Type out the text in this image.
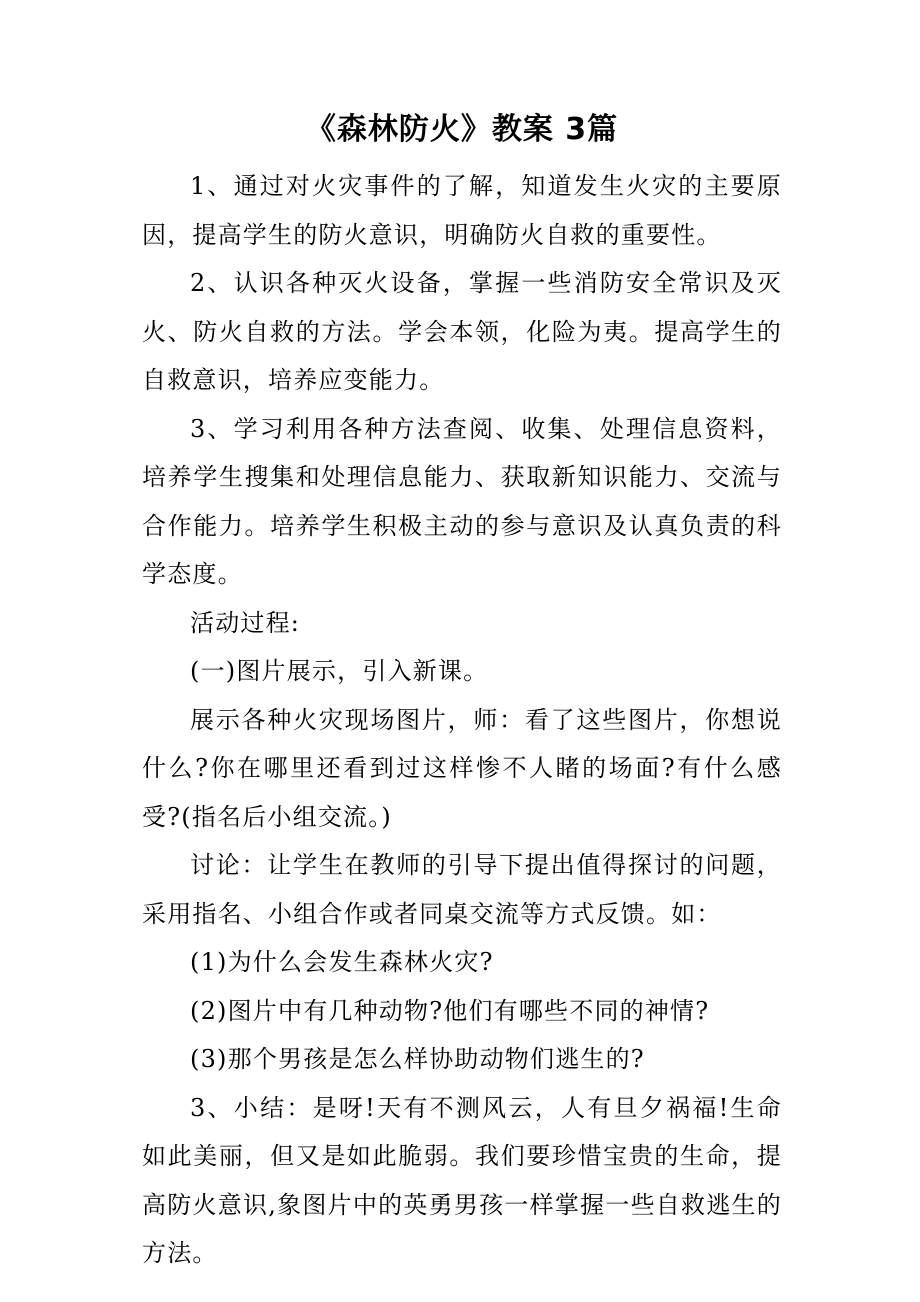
《森林防火》教案 3篇

1、通过对火灾事件的了解，知道发生火灾的主要原因，提高学生的防火意识，明确防火自救的重要性。

2、认识各种灭火设备，掌握一些消防安全常识及灭火、防火自救的方法。学会本领，化险为夷。提高学生的自救意识，培养应变能力。

3、学习利用各种方法查阅、收集、处理信息资料，培养学生搜集和处理信息能力、获取新知识能力、交流与合作能力。培养学生积极主动的参与意识及认真负责的科学态度。

活动过程:

(一)图片展示，引入新课。

展示各种火灾现场图片，师：看了这些图片，你想说什么?你在哪里还看到过这样惨不人睹的场面?有什么感受?(指名后小组交流。)

讨论：让学生在教师的引导下提出值得探讨的问题，采用指名、小组合作或者同桌交流等方式反馈。如：

(1)为什么会发生森林火灾?

(2)图片中有几种动物?他们有哪些不同的神情?

(3)那个男孩是怎么样协助动物们逃生的?

3、小结：是呀!天有不测风云，人有旦夕祸福!生命如此美丽，但又是如此脆弱。我们要珍惜宝贵的生命，提高防火意识,象图片中的英勇男孩一样掌握一些自救逃生的方法。
